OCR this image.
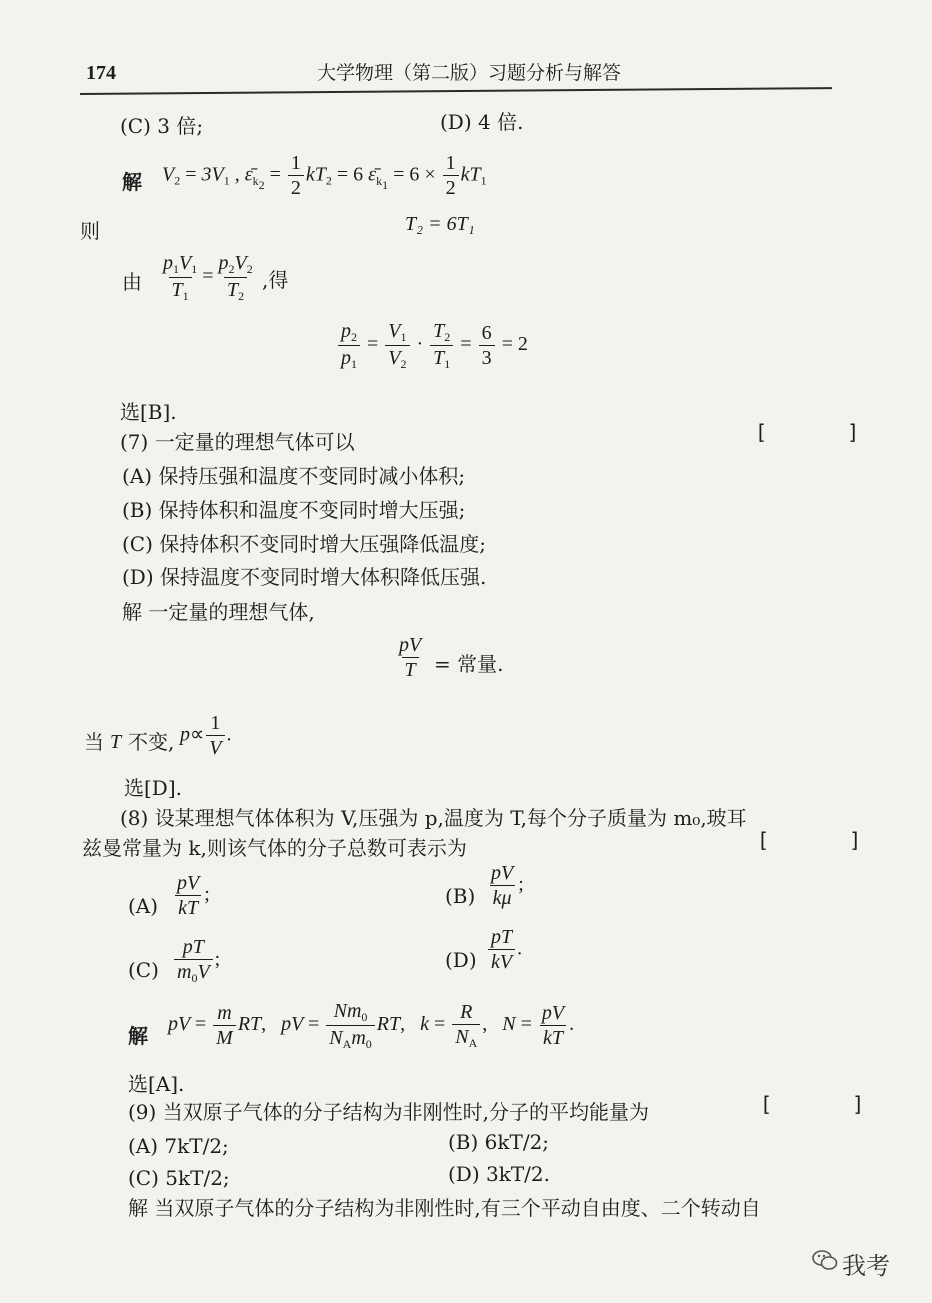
174	大学物理（第二版）习题分析与解答
(C) 3 倍;	(D) 4 倍.
解 $V_2 = 3V_1$ , $\varepsilon̄_{k_2} = \frac{1}{2} kT_2 = 6$ $\varepsilon̄_{k_1} = 6 \times \frac{1}{2} kT_1$
则	T₂ = 6T₁
由 $\frac{p_1V_1}{T_1} = \frac{p_2V_2}{T_2}$ ,得
$\frac{p_2}{p_1} = \frac{V_1}{V_2} \cdot \frac{T_2}{T_1} = \frac{6}{3} = 2$
选[B].
(7) 一定量的理想气体可以	[ ]
(A) 保持压强和温度不变同时减小体积;
(B) 保持体积和温度不变同时增大压强;
(C) 保持体积不变同时增大压强降低温度;
(D) 保持温度不变同时增大体积降低压强.
解 一定量的理想气体,
$\frac{pV}{T}$ = 常量.
当 T 不变, $p\propto \frac{1}{V}$ .
选[D].
(8) 设某理想气体体积为 V,压强为 p,温度为 T,每个分子质量为 m₀,玻耳
兹曼常量为 k,则该气体的分子总数可表示为	[ ]
$(A) \frac{pV}{kT}$ ;	$(B) \frac{pV}{k\mu}$ ;
$(C) \frac{pT}{m_0V}$ ;	$(D) \frac{pT}{kV}$ .
解 pV = $\frac{m}{M}$ RT,   pV = $\frac{Nm_0}{N_Am_0}$ RT,   $k = \frac{R}{N_A}$ ,   $N = \frac{pV}{kT}$ .
选[A].
(9) 当双原子气体的分子结构为非刚性时,分子的平均能量为	[ ]
(A) 7kT/2;	(B) 6kT/2;
(C) 5kT/2;	(D) 3kT/2.
解 当双原子气体的分子结构为非刚性时,有三个平动自由度、二个转动自
我考
